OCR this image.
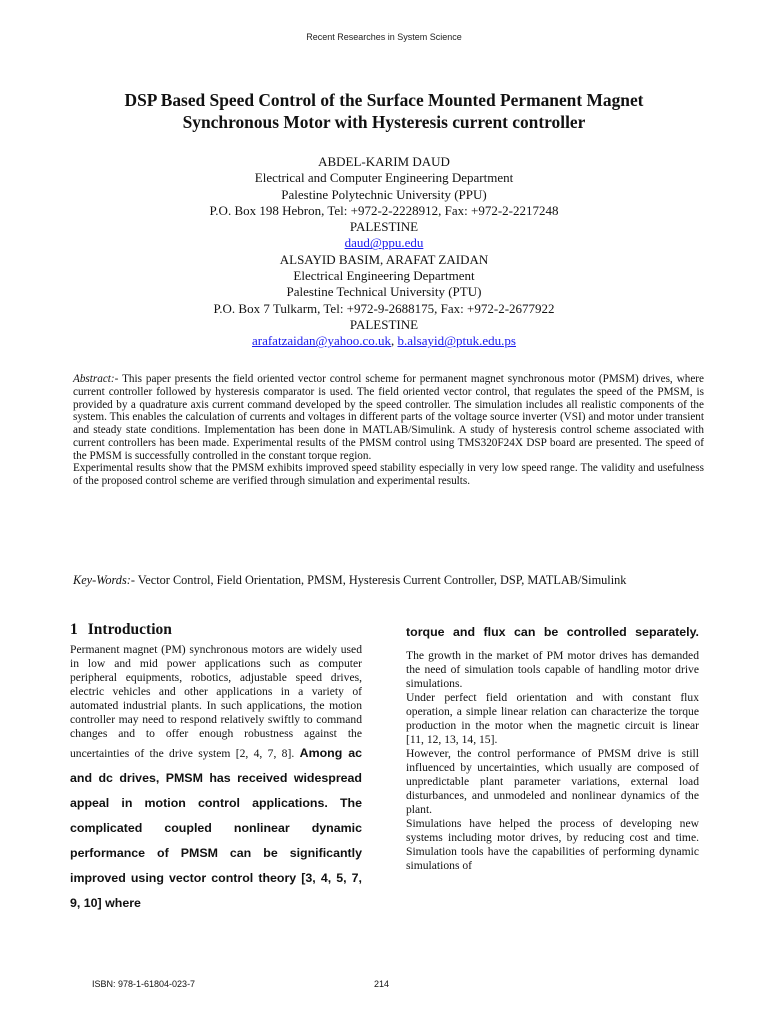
Recent Researches in System Science
DSP Based Speed Control of the Surface Mounted Permanent Magnet
Synchronous Motor with Hysteresis current controller
ABDEL-KARIM DAUD
Electrical and Computer Engineering Department
Palestine Polytechnic University (PPU)
P.O. Box 198 Hebron, Tel: +972-2-2228912, Fax: +972-2-2217248
PALESTINE
daud@ppu.edu
ALSAYID BASIM, ARAFAT ZAIDAN
Electrical Engineering Department
Palestine Technical University (PTU)
P.O. Box 7 Tulkarm, Tel: +972-9-2688175, Fax: +972-2-2677922
PALESTINE
arafatzaidan@yahoo.co.uk, b.alsayid@ptuk.edu.ps

Abstract:- This paper presents the field oriented vector control scheme for permanent magnet synchronous motor (PMSM) drives, where current controller followed by hysteresis comparator is used. The field oriented vector control, that regulates the speed of the PMSM, is provided by a quadrature axis current command developed by the speed controller. The simulation includes all realistic components of the system. This enables the calculation of currents and voltages in different parts of the voltage source inverter (VSI) and motor under transient and steady state conditions. Implementation has been done in MATLAB/Simulink. A study of hysteresis control scheme associated with current controllers has been made. Experimental results of the PMSM control using TMS320F24X DSP board are presented. The speed of the PMSM is successfully controlled in the constant torque region.

Experimental results show that the PMSM exhibits improved speed stability especially in very low speed range. The validity and usefulness of the proposed control scheme are verified through simulation and experimental results.

Key-Words:- Vector Control, Field Orientation, PMSM, Hysteresis Current Controller, DSP, MATLAB/Simulink
1 Introduction

Permanent magnet (PM) synchronous motors are widely used in low and mid power applications such as computer peripheral equipments, robotics, adjustable speed drives, electric vehicles and other applications in a variety of automated industrial plants. In such applications, the motion controller may need to respond relatively swiftly to command changes and to offer enough robustness against the uncertainties of the drive system [2, 4, 7, 8]. Among ac and dc drives, PMSM has received widespread appeal in motion control applications. The complicated coupled nonlinear dynamic performance of PMSM can be significantly improved using vector control theory [3, 4, 5, 7, 9, 10] where

torque and flux can be controlled separately.

The growth in the market of PM motor drives has demanded the need of simulation tools capable of handling motor drive simulations.

Under perfect field orientation and with constant flux operation, a simple linear relation can characterize the torque production in the motor when the magnetic circuit is linear [11, 12, 13, 14, 15].

However, the control performance of PMSM drive is still influenced by uncertainties, which usually are composed of unpredictable plant parameter variations, external load disturbances, and unmodeled and nonlinear dynamics of the plant.

Simulations have helped the process of developing new systems including motor drives, by reducing cost and time. Simulation tools have the capabilities of performing dynamic simulations of

ISBN: 978-1-61804-023-7	214
